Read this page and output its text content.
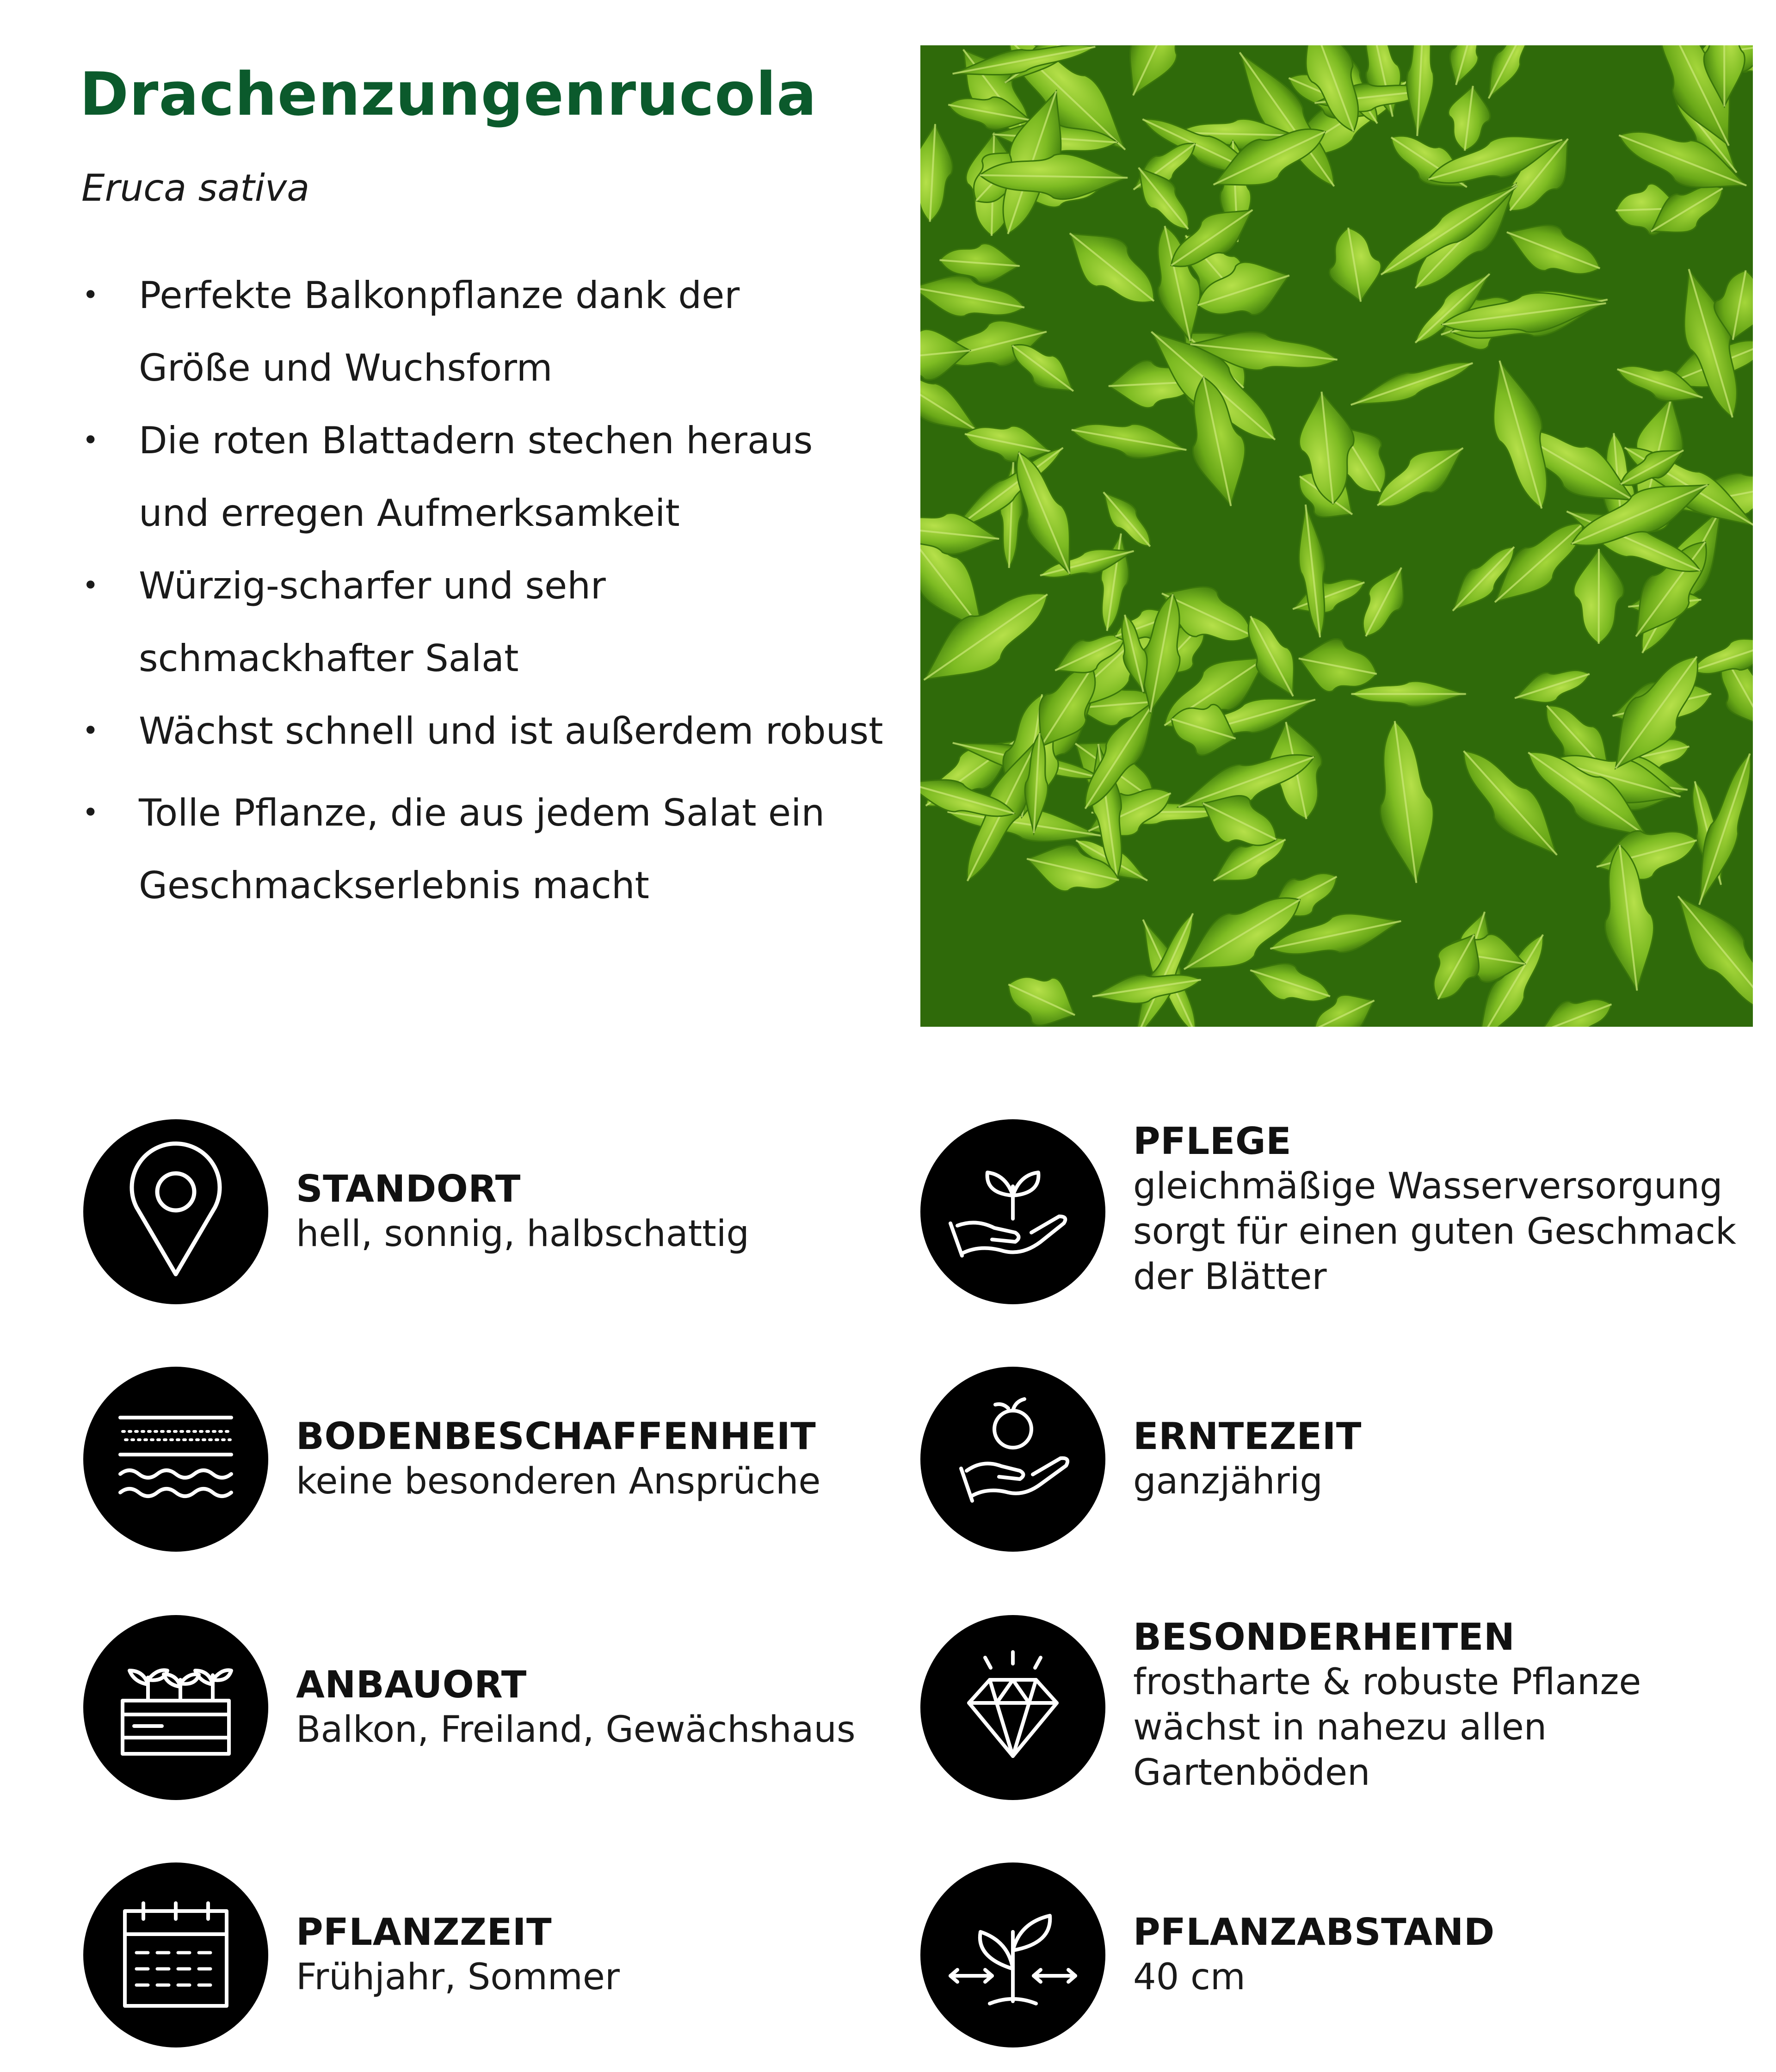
Drachenzungenrucola
Eruca sativa
• Perfekte Balkonpflanze dank der
Größe und Wuchsform
• Die roten Blattadern stechen heraus
und erregen Aufmerksamkeit
• Würzig-scharfer und sehr
schmackhafter Salat
• Wächst schnell und ist außerdem robust
• Tolle Pflanze, die aus jedem Salat ein
Geschmackserlebnis macht
STANDORT
hell, sonnig, halbschattig
BODENBESCHAFFENHEIT
keine besonderen Ansprüche
ANBAUORT
Balkon, Freiland, Gewächshaus
PFLANZZEIT
Frühjahr, Sommer
PFLEGE
gleichmäßige Wasserversorgung
sorgt für einen guten Geschmack
der Blätter
ERNTEZEIT
ganzjährig
BESONDERHEITEN
frostharte & robuste Pflanze
wächst in nahezu allen
Gartenböden
PFLANZABSTAND
40 cm
